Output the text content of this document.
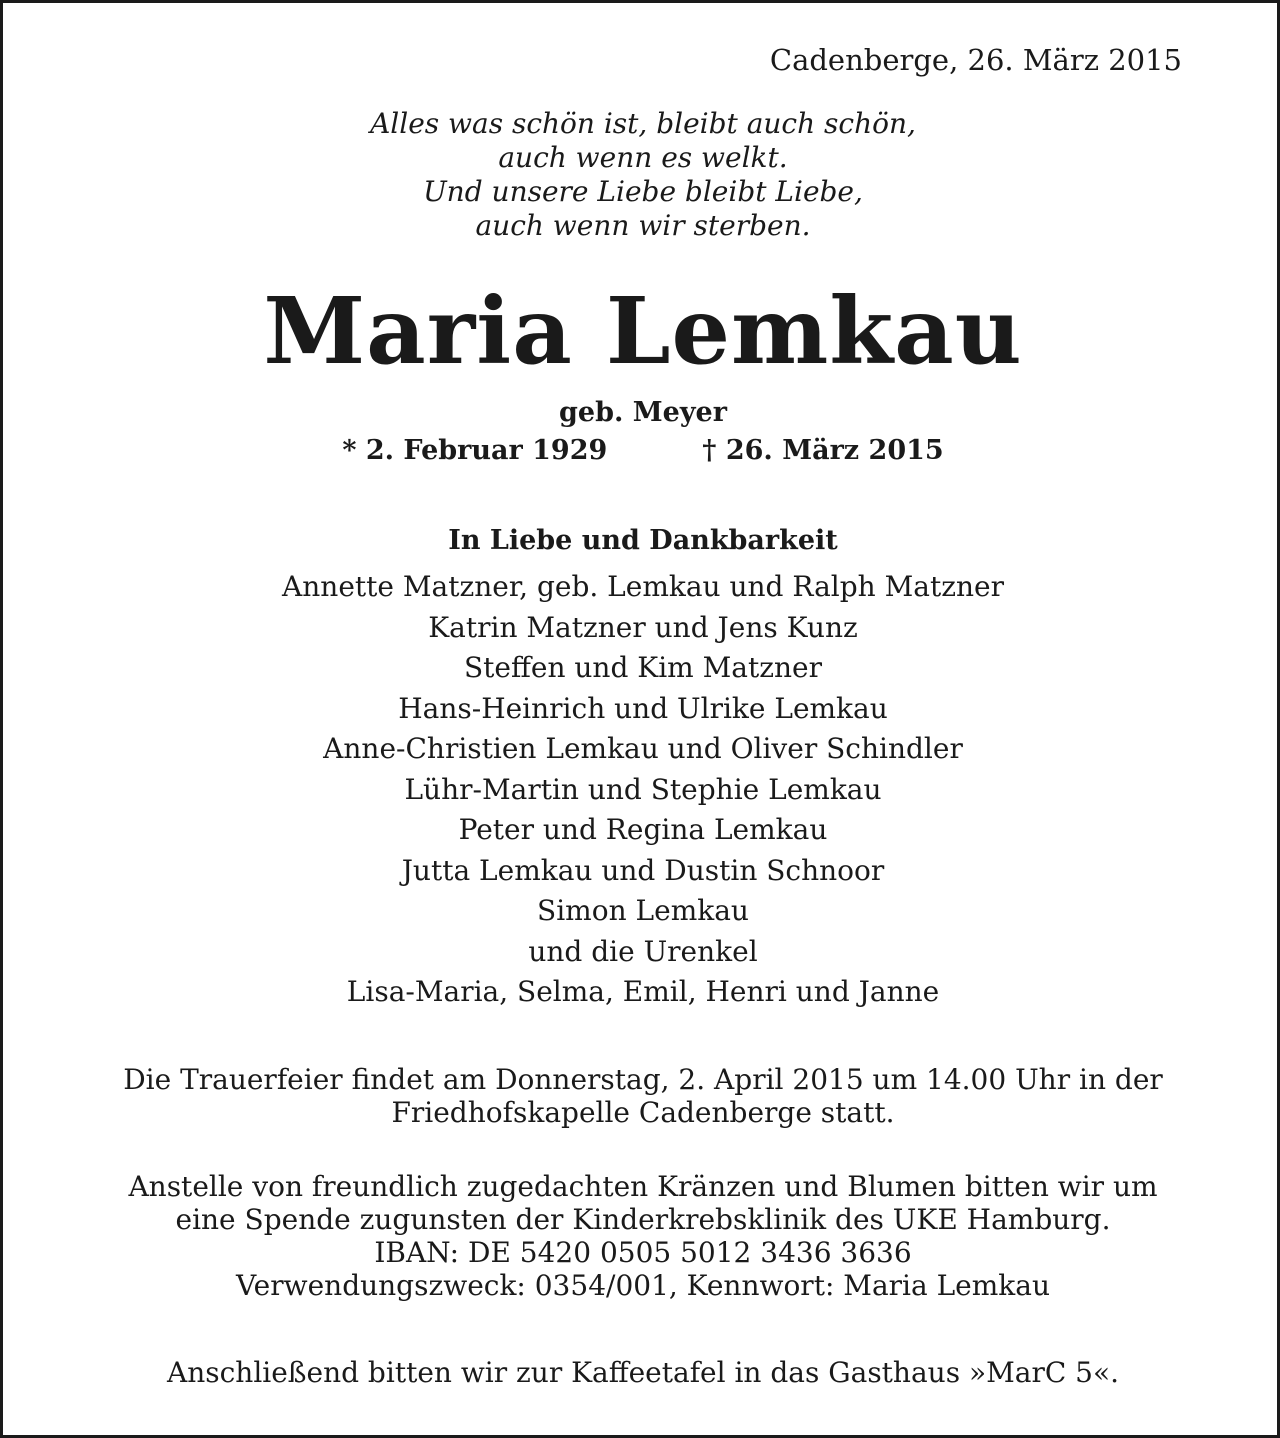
Cadenberge, 26. März 2015
Alles was schön ist, bleibt auch schön,
auch wenn es welkt.
Und unsere Liebe bleibt Liebe,
auch wenn wir sterben.
Maria Lemkau
geb. Meyer
* 2. Februar 1929	† 26. März 2015
In Liebe und Dankbarkeit
Annette Matzner, geb. Lemkau und Ralph Matzner
Katrin Matzner und Jens Kunz
Steffen und Kim Matzner
Hans-Heinrich und Ulrike Lemkau
Anne-Christien Lemkau und Oliver Schindler
Lühr-Martin und Stephie Lemkau
Peter und Regina Lemkau
Jutta Lemkau und Dustin Schnoor
Simon Lemkau
und die Urenkel
Lisa-Maria, Selma, Emil, Henri und Janne
Die Trauerfeier findet am Donnerstag, 2. April 2015 um 14.00 Uhr in der
Friedhofskapelle Cadenberge statt.
Anstelle von freundlich zugedachten Kränzen und Blumen bitten wir um
eine Spende zugunsten der Kinderkrebsklinik des UKE Hamburg.
IBAN: DE 5420 0505 5012 3436 3636
Verwendungszweck: 0354/001, Kennwort: Maria Lemkau
Anschließend bitten wir zur Kaffeetafel in das Gasthaus »MarC 5«.
